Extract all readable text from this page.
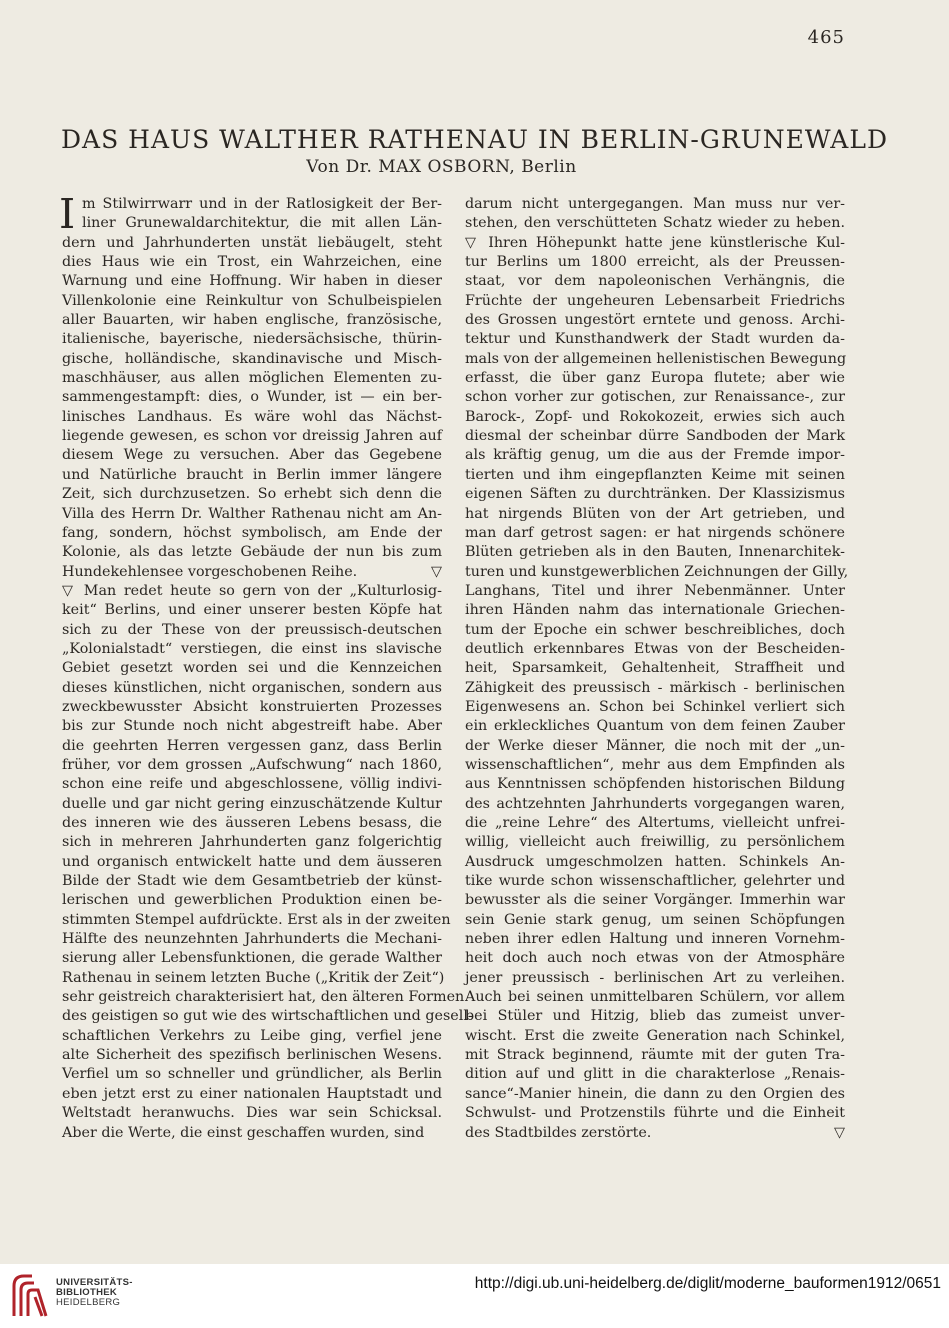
465
DAS HAUS WALTHER RATHENAU IN BERLIN-GRUNEWALD
Von Dr. MAX OSBORN, Berlin
m Stilwirrwarr und in der Ratlosigkeit der Ber-
liner Grunewaldarchitektur, die mit allen Län-
dern und Jahrhunderten unstät liebäugelt, steht
dies Haus wie ein Trost, ein Wahrzeichen, eine
Warnung und eine Hoffnung. Wir haben in dieser
Villenkolonie eine Reinkultur von Schulbeispielen
aller Bauarten, wir haben englische, französische,
italienische, bayerische, niedersächsische, thürin-
gische, holländische, skandinavische und Misch-
maschhäuser, aus allen möglichen Elementen zu-
sammengestampft: dies, o Wunder, ist — ein ber-
linisches Landhaus. Es wäre wohl das Nächst-
liegende gewesen, es schon vor dreissig Jahren auf
diesem Wege zu versuchen. Aber das Gegebene
und Natürliche braucht in Berlin immer längere
Zeit, sich durchzusetzen. So erhebt sich denn die
Villa des Herrn Dr. Walther Rathenau nicht am An-
fang, sondern, höchst symbolisch, am Ende der
Kolonie, als das letzte Gebäude der nun bis zum
▽
Hundekehlensee vorgeschobenen Reihe.
▽ Man redet heute so gern von der „Kulturlosig-
keit“ Berlins, und einer unserer besten Köpfe hat
sich zu der These von der preussisch-deutschen
„Kolonialstadt“ verstiegen, die einst ins slavische
Gebiet gesetzt worden sei und die Kennzeichen
dieses künstlichen, nicht organischen, sondern aus
zweckbewusster Absicht konstruierten Prozesses
bis zur Stunde noch nicht abgestreift habe. Aber
die geehrten Herren vergessen ganz, dass Berlin
früher, vor dem grossen „Aufschwung“ nach 1860,
schon eine reife und abgeschlossene, völlig indivi-
duelle und gar nicht gering einzuschätzende Kultur
des inneren wie des äusseren Lebens besass, die
sich in mehreren Jahrhunderten ganz folgerichtig
und organisch entwickelt hatte und dem äusseren
Bilde der Stadt wie dem Gesamtbetrieb der künst-
lerischen und gewerblichen Produktion einen be-
stimmten Stempel aufdrückte. Erst als in der zweiten
Hälfte des neunzehnten Jahrhunderts die Mechani-
sierung aller Lebensfunktionen, die gerade Walther
Rathenau in seinem letzten Buche („Kritik der Zeit“)
sehr geistreich charakterisiert hat, den älteren Formen
des geistigen so gut wie des wirtschaftlichen und gesell-
schaftlichen Verkehrs zu Leibe ging, verfiel jene
alte Sicherheit des spezifisch berlinischen Wesens.
Verfiel um so schneller und gründlicher, als Berlin
eben jetzt erst zu einer nationalen Hauptstadt und
Weltstadt heranwuchs. Dies war sein Schicksal.
Aber die Werte, die einst geschaffen wurden, sind
I	darum nicht untergegangen. Man muss nur ver-
stehen, den verschütteten Schatz wieder zu heben.
▽ Ihren Höhepunkt hatte jene künstlerische Kul-
tur Berlins um 1800 erreicht, als der Preussen-
staat, vor dem napoleonischen Verhängnis, die
Früchte der ungeheuren Lebensarbeit Friedrichs
des Grossen ungestört erntete und genoss. Archi-
tektur und Kunsthandwerk der Stadt wurden da-
mals von der allgemeinen hellenistischen Bewegung
erfasst, die über ganz Europa flutete; aber wie
schon vorher zur gotischen, zur Renaissance-, zur
Barock-, Zopf- und Rokokozeit, erwies sich auch
diesmal der scheinbar dürre Sandboden der Mark
als kräftig genug, um die aus der Fremde impor-
tierten und ihm eingepflanzten Keime mit seinen
eigenen Säften zu durchtränken. Der Klassizismus
hat nirgends Blüten von der Art getrieben, und
man darf getrost sagen: er hat nirgends schönere
Blüten getrieben als in den Bauten, Innenarchitek-
turen und kunstgewerblichen Zeichnungen der Gilly,
Langhans, Titel und ihrer Nebenmänner. Unter
ihren Händen nahm das internationale Griechen-
tum der Epoche ein schwer beschreibliches, doch
deutlich erkennbares Etwas von der Bescheiden-
heit, Sparsamkeit, Gehaltenheit, Straffheit und
Zähigkeit des preussisch - märkisch - berlinischen
Eigenwesens an. Schon bei Schinkel verliert sich
ein erkleckliches Quantum von dem feinen Zauber
der Werke dieser Männer, die noch mit der „un-
wissenschaftlichen“, mehr aus dem Empfinden als
aus Kenntnissen schöpfenden historischen Bildung
des achtzehnten Jahrhunderts vorgegangen waren,
die „reine Lehre“ des Altertums, vielleicht unfrei-
willig, vielleicht auch freiwillig, zu persönlichem
Ausdruck umgeschmolzen hatten. Schinkels An-
tike wurde schon wissenschaftlicher, gelehrter und
bewusster als die seiner Vorgänger. Immerhin war
sein Genie stark genug, um seinen Schöpfungen
neben ihrer edlen Haltung und inneren Vornehm-
heit doch auch noch etwas von der Atmosphäre
jener preussisch - berlinischen Art zu verleihen.
Auch bei seinen unmittelbaren Schülern, vor allem
bei Stüler und Hitzig, blieb das zumeist unver-
wischt. Erst die zweite Generation nach Schinkel,
mit Strack beginnend, räumte mit der guten Tra-
dition auf und glitt in die charakterlose „Renais-
sance“-Manier hinein, die dann zu den Orgien des
Schwulst- und Protzenstils führte und die Einheit
▽
des Stadtbildes zerstörte.
UNIVERSITÄTS-
BIBLIOTHEK
HEIDELBERG
http://digi.ub.uni-heidelberg.de/diglit/moderne_bauformen1912/0651
